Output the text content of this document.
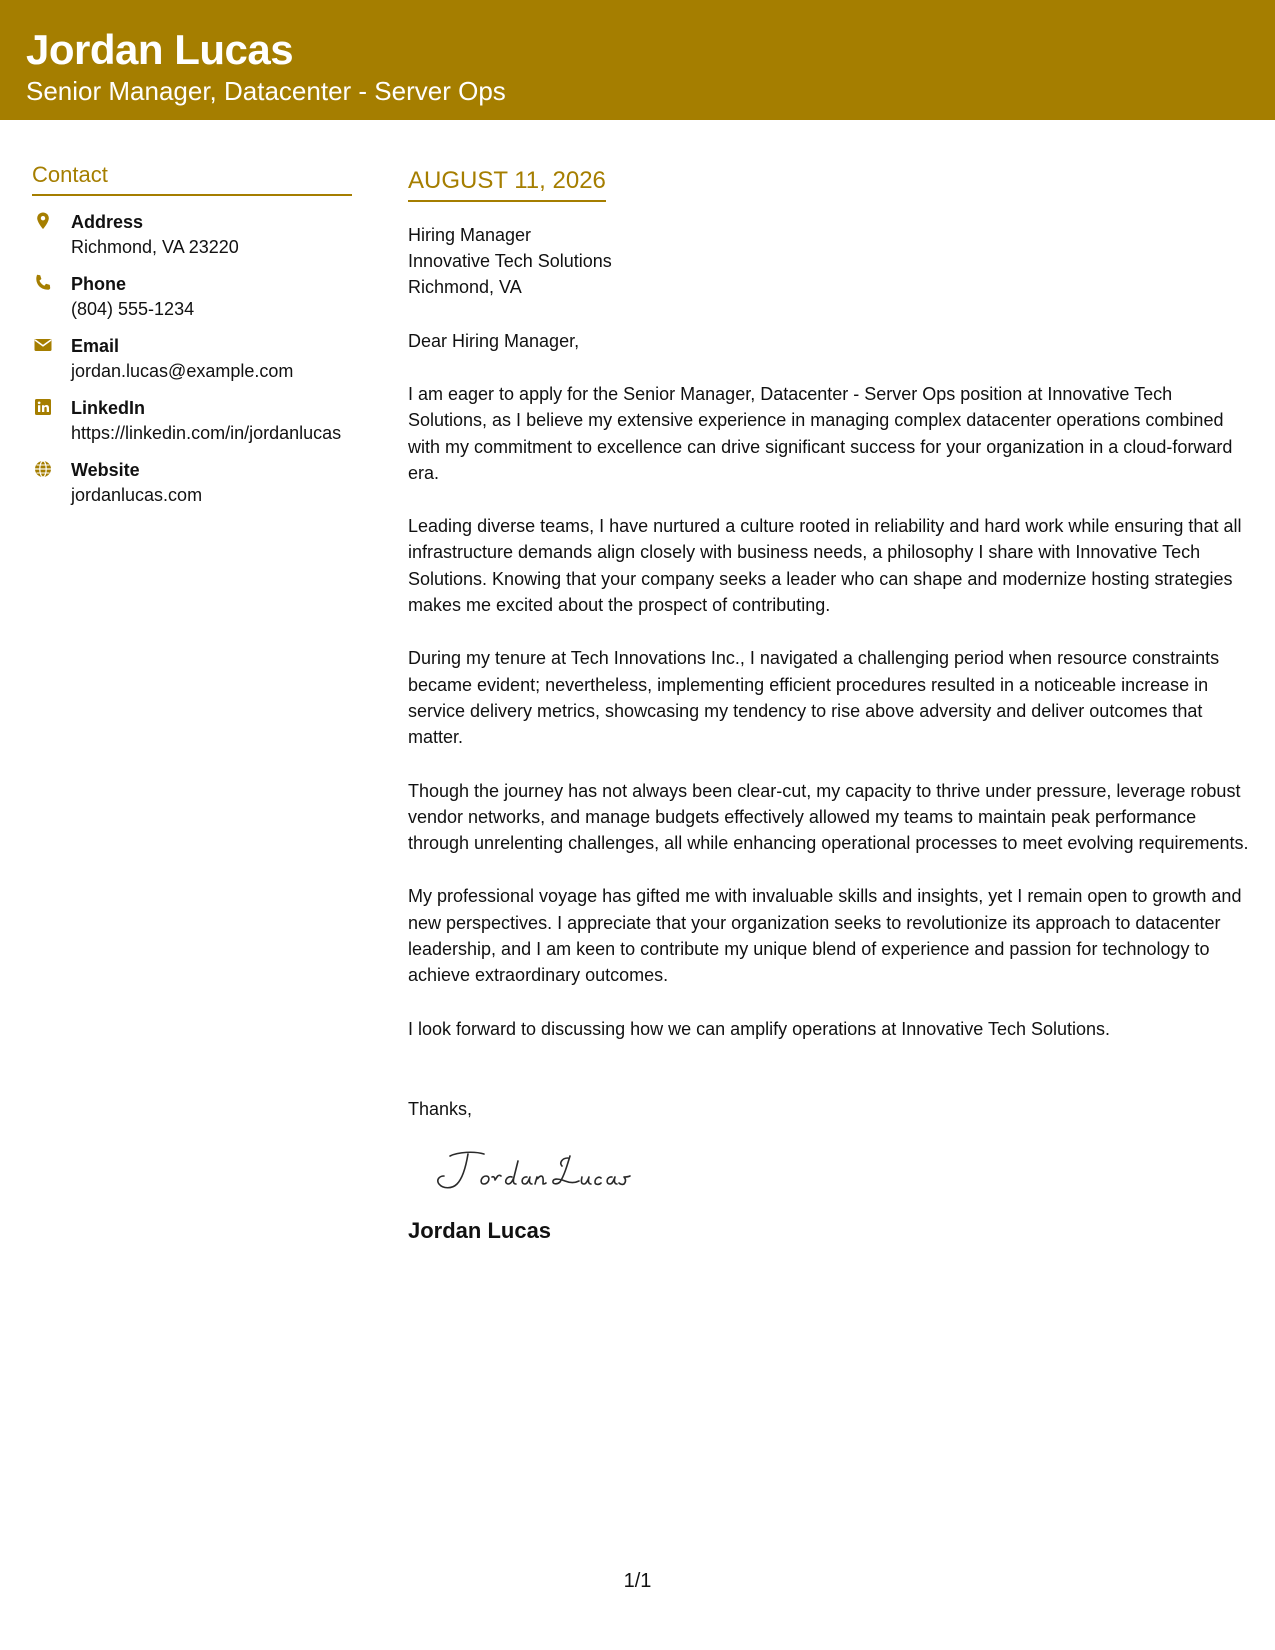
Jordan Lucas
Senior Manager, Datacenter - Server Ops
Contact
Address
Richmond, VA 23220
Phone
(804) 555-1234
Email
jordan.lucas@example.com
LinkedIn
https://linkedin.com/in/jordanlucas
Website
jordanlucas.com
AUGUST 11, 2026
Hiring Manager
Innovative Tech Solutions
Richmond, VA
Dear Hiring Manager,
I am eager to apply for the Senior Manager, Datacenter - Server Ops position at Innovative Tech Solutions, as I believe my extensive experience in managing complex datacenter operations combined with my commitment to excellence can drive significant success for your organization in a cloud-forward era.
Leading diverse teams, I have nurtured a culture rooted in reliability and hard work while ensuring that all infrastructure demands align closely with business needs, a philosophy I share with Innovative Tech Solutions. Knowing that your company seeks a leader who can shape and modernize hosting strategies makes me excited about the prospect of contributing.
During my tenure at Tech Innovations Inc., I navigated a challenging period when resource constraints became evident; nevertheless, implementing efficient procedures resulted in a noticeable increase in service delivery metrics, showcasing my tendency to rise above adversity and deliver outcomes that matter.
Though the journey has not always been clear-cut, my capacity to thrive under pressure, leverage robust vendor networks, and manage budgets effectively allowed my teams to maintain peak performance through unrelenting challenges, all while enhancing operational processes to meet evolving requirements.
My professional voyage has gifted me with invaluable skills and insights, yet I remain open to growth and new perspectives. I appreciate that your organization seeks to revolutionize its approach to datacenter leadership, and I am keen to contribute my unique blend of experience and passion for technology to achieve extraordinary outcomes.
I look forward to discussing how we can amplify operations at Innovative Tech Solutions.
Thanks,
Jordan Lucas
1/1
